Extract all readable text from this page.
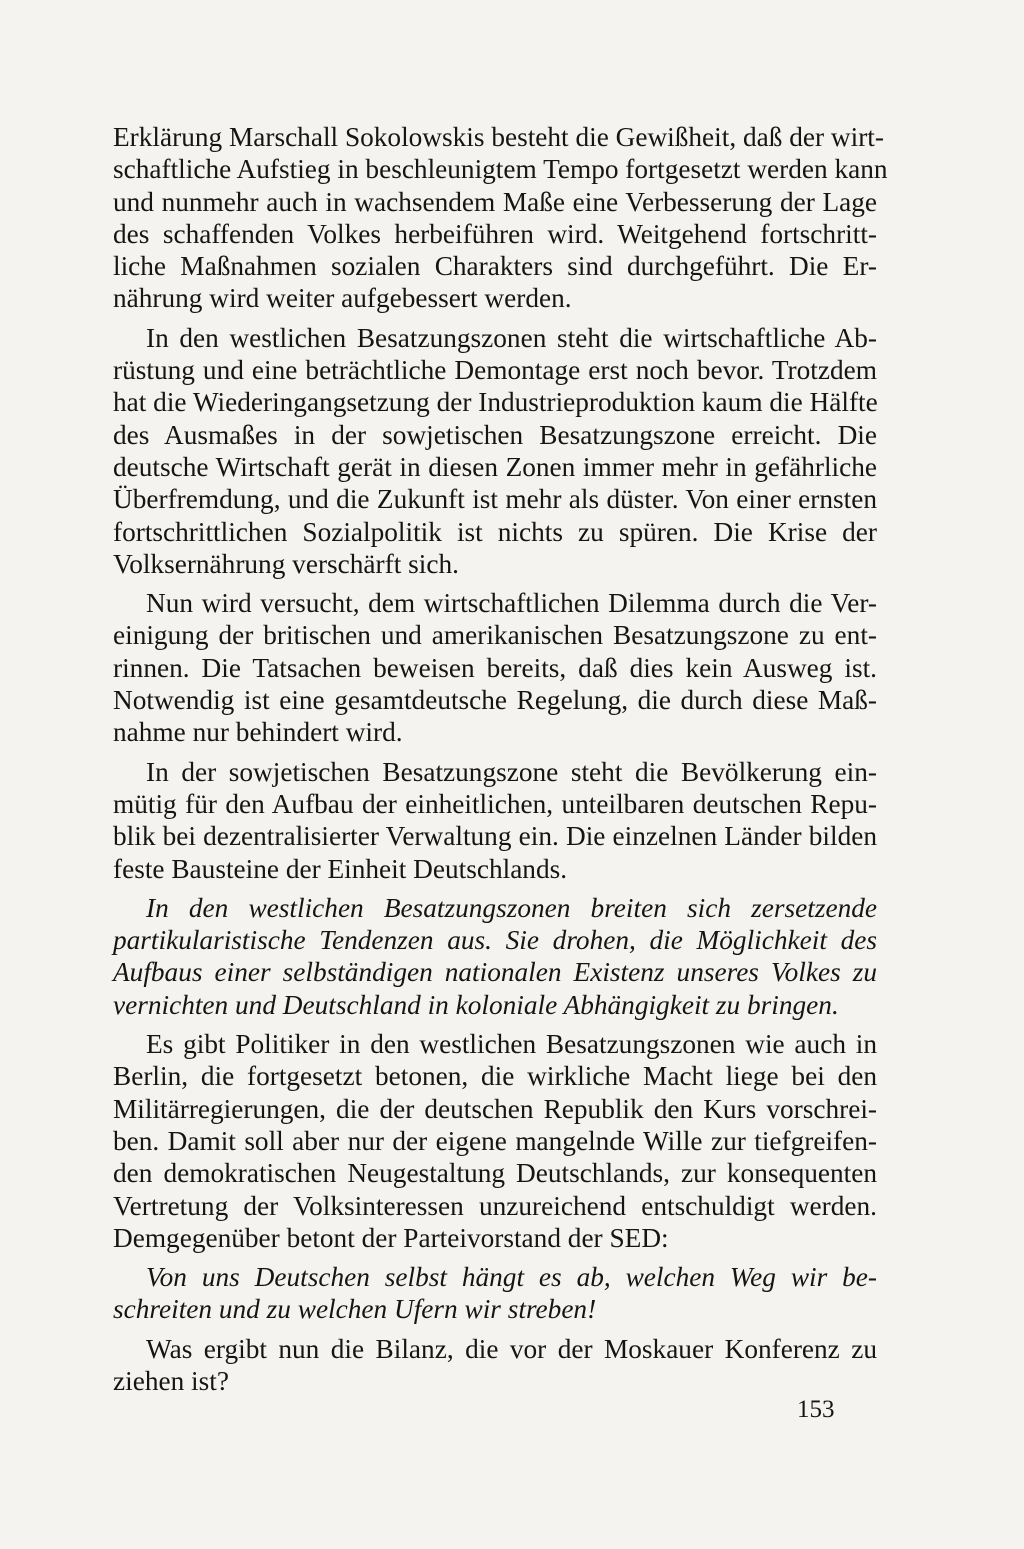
Erklärung Marschall Sokolowskis besteht die Gewißheit, daß der wirt-
schaftliche Aufstieg in beschleunigtem Tempo fortgesetzt werden kann
und nunmehr auch in wachsendem Maße eine Verbesserung der Lage
des schaffenden Volkes herbeiführen wird. Weitgehend fortschritt-
liche Maßnahmen sozialen Charakters sind durchgeführt. Die Er-
nährung wird weiter aufgebessert werden.
In den westlichen Besatzungszonen steht die wirtschaftliche Ab-
rüstung und eine beträchtliche Demontage erst noch bevor. Trotzdem
hat die Wiederingangsetzung der Industrieproduktion kaum die Hälfte
des Ausmaßes in der sowjetischen Besatzungszone erreicht. Die
deutsche Wirtschaft gerät in diesen Zonen immer mehr in gefährliche
Überfremdung, und die Zukunft ist mehr als düster. Von einer ernsten
fortschrittlichen Sozialpolitik ist nichts zu spüren. Die Krise der
Volksernährung verschärft sich.
Nun wird versucht, dem wirtschaftlichen Dilemma durch die Ver-
einigung der britischen und amerikanischen Besatzungszone zu ent-
rinnen. Die Tatsachen beweisen bereits, daß dies kein Ausweg ist.
Notwendig ist eine gesamtdeutsche Regelung, die durch diese Maß-
nahme nur behindert wird.
In der sowjetischen Besatzungszone steht die Bevölkerung ein-
mütig für den Aufbau der einheitlichen, unteilbaren deutschen Repu-
blik bei dezentralisierter Verwaltung ein. Die einzelnen Länder bilden
feste Bausteine der Einheit Deutschlands.
In den westlichen Besatzungszonen breiten sich zersetzende
partikularistische Tendenzen aus. Sie drohen, die Möglichkeit des
Aufbaus einer selbständigen nationalen Existenz unseres Volkes zu
vernichten und Deutschland in koloniale Abhängigkeit zu bringen.
Es gibt Politiker in den westlichen Besatzungszonen wie auch in
Berlin, die fortgesetzt betonen, die wirkliche Macht liege bei den
Militärregierungen, die der deutschen Republik den Kurs vorschrei-
ben. Damit soll aber nur der eigene mangelnde Wille zur tiefgreifen-
den demokratischen Neugestaltung Deutschlands, zur konsequenten
Vertretung der Volksinteressen unzureichend entschuldigt werden.
Demgegenüber betont der Parteivorstand der SED:
Von uns Deutschen selbst hängt es ab, welchen Weg wir be-
schreiten und zu welchen Ufern wir streben!
Was ergibt nun die Bilanz, die vor der Moskauer Konferenz zu
ziehen ist?
153
